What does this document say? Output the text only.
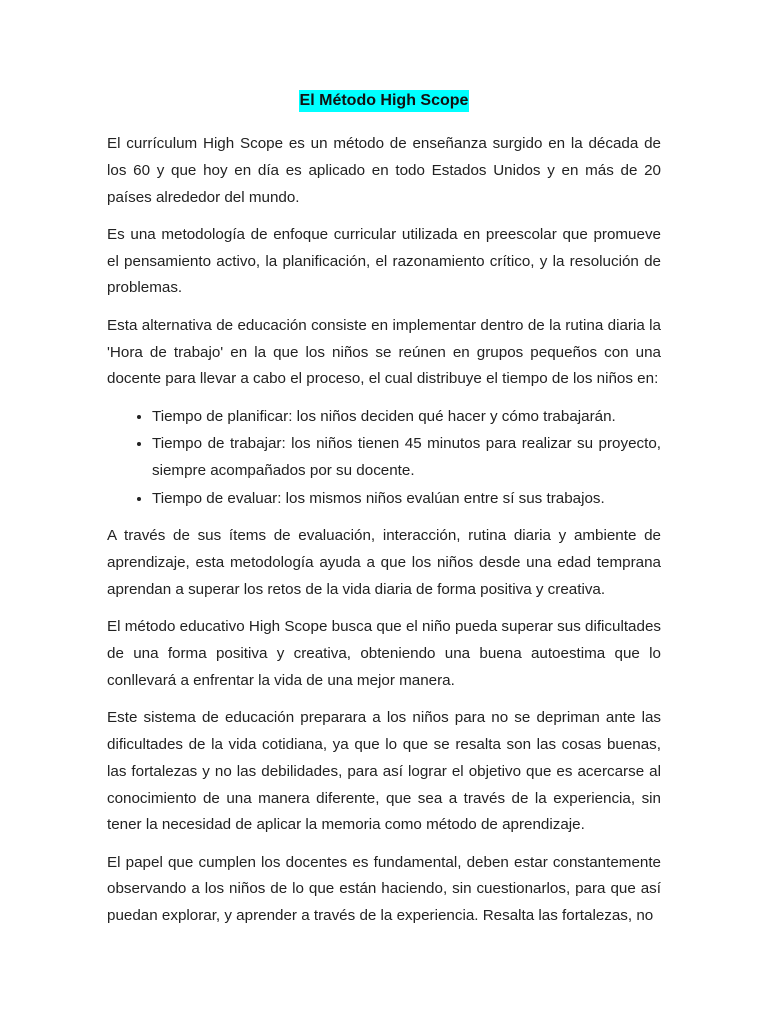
El Método High Scope

El currículum High Scope es un método de enseñanza surgido en la década de los 60 y que hoy en día es aplicado en todo Estados Unidos y en más de 20 países alrededor del mundo.

Es una metodología de enfoque curricular utilizada en preescolar que promueve el pensamiento activo, la planificación, el razonamiento crítico, y la resolución de problemas.

Esta alternativa de educación consiste en implementar dentro de la rutina diaria la 'Hora de trabajo' en la que los niños se reúnen en grupos pequeños con una docente para llevar a cabo el proceso, el cual distribuye el tiempo de los niños en:

• Tiempo de planificar: los niños deciden qué hacer y cómo trabajarán.
• Tiempo de trabajar: los niños tienen 45 minutos para realizar su proyecto, siempre acompañados por su docente.
• Tiempo de evaluar: los mismos niños evalúan entre sí sus trabajos.

A través de sus ítems de evaluación, interacción, rutina diaria y ambiente de aprendizaje, esta metodología ayuda a que los niños desde una edad temprana aprendan a superar los retos de la vida diaria de forma positiva y creativa.

El método educativo High Scope busca que el niño pueda superar sus dificultades de una forma positiva y creativa, obteniendo una buena autoestima que lo conllevará a enfrentar la vida de una mejor manera.

Este sistema de educación preparara a los niños para no se depriman ante las dificultades de la vida cotidiana, ya que lo que se resalta son las cosas buenas, las fortalezas y no las debilidades, para así lograr el objetivo que es acercarse al conocimiento de una manera diferente, que sea a través de la experiencia, sin tener la necesidad de aplicar la memoria como método de aprendizaje.

El papel que cumplen los docentes es fundamental, deben estar constantemente observando a los niños de lo que están haciendo, sin cuestionarlos, para que así puedan explorar, y aprender a través de la experiencia. Resalta las fortalezas, no
